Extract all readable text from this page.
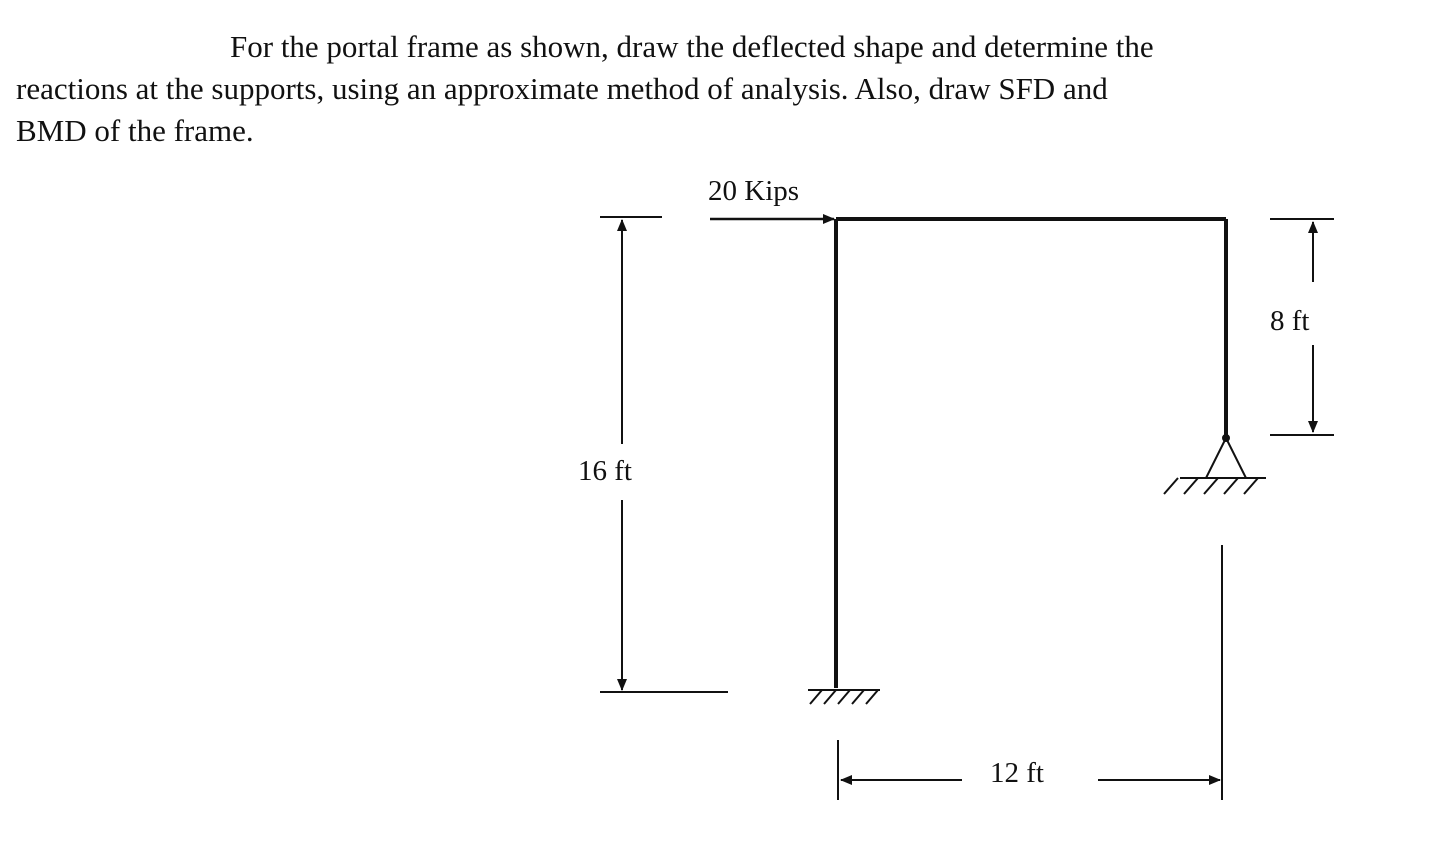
For the portal frame as shown, draw the deflected shape and determine the
reactions at the supports, using an approximate method of analysis. Also, draw SFD and
BMD of the frame.
20 Kips
16 ft
8 ft
12 ft
